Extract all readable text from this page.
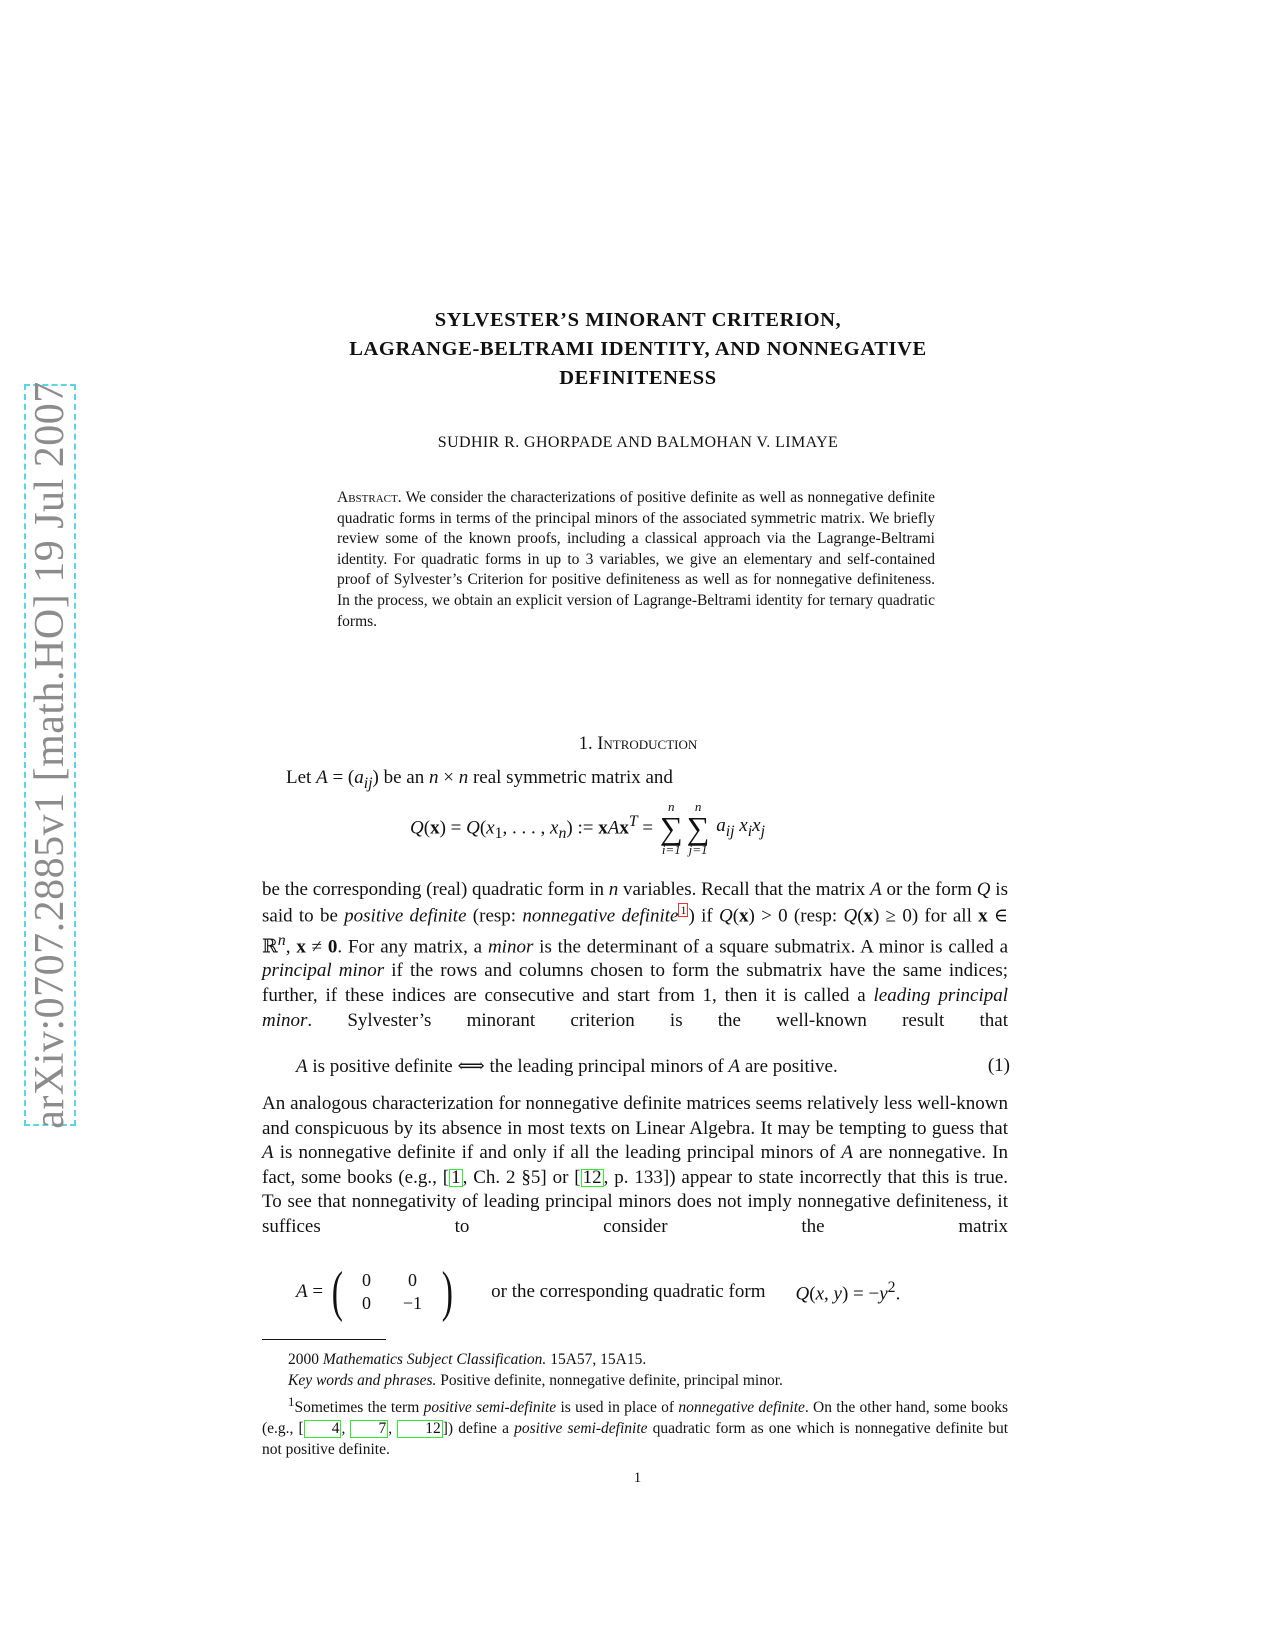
arXiv:0707.2885v1 [math.HO] 19 Jul 2007
SYLVESTER’S MINORANT CRITERION,
LAGRANGE-BELTRAMI IDENTITY, AND NONNEGATIVE
DEFINITENESS
SUDHIR R. GHORPADE AND BALMOHAN V. LIMAYE
Abstract. We consider the characterizations of positive definite as well as nonnegative definite quadratic forms in terms of the principal minors of the associated symmetric matrix. We briefly review some of the known proofs, including a classical approach via the Lagrange-Beltrami identity. For quadratic forms in up to 3 variables, we give an elementary and self-contained proof of Sylvester’s Criterion for positive definiteness as well as for nonnegative definiteness. In the process, we obtain an explicit version of Lagrange-Beltrami identity for ternary quadratic forms.
1. Introduction
Let $A = (a_{ij})$ be an n × n real symmetric matrix and
$Q(x) = Q(x_1$, . . . , $x_n$) := xAx$^T$ =
n
∑
i=1
n
∑
j=1
$a_{ij}$ $x_ix_j$
be the corresponding (real) quadratic form in n variables. Recall that the matrix A or the form Q is said to be positive definite (resp: nonnegative definite 1 ) if Q(x) > 0 (resp: Q(x) ≥ 0) for all x ∈ ℝ$^n$, x ≠ 0. For any matrix, a minor is the determinant of a square submatrix. A minor is called a principal minor if the rows and columns chosen to form the submatrix have the same indices; further, if these indices are consecutive and start from 1, then it is called a leading principal minor. Sylvester’s minorant criterion is the well-known result that
A is positive definite ⟺ the leading principal minors of A are positive.	(1)
An analogous characterization for nonnegative definite matrices seems relatively less well-known and conspicuous by its absence in most texts on Linear Algebra. It may be tempting to guess that A is nonnegative definite if and only if all the leading principal minors of A are nonnegative. In fact, some books (e.g., [ 1 , Ch. 2 §5] or [ 12 , p. 133]) appear to state incorrectly that this is true. To see that nonnegativity of leading principal minors does not imply nonnegative definiteness, it suffices to consider the matrix
A = (	0	0
0	−1 ) or the corresponding quadratic form Q(x, $y) = -y^2$.

2000 Mathematics Subject Classification. 15A57, 15A15.

Key words and phrases. Positive definite, nonnegative definite, principal minor.

$^1$Sometimes the term positive semi-definite is used in place of nonnegative definite. On the other hand, some books (e.g., [ 4 , 7 , 12 ]) define a positive semi-definite quadratic form as one which is nonnegative definite but not positive definite.

1
